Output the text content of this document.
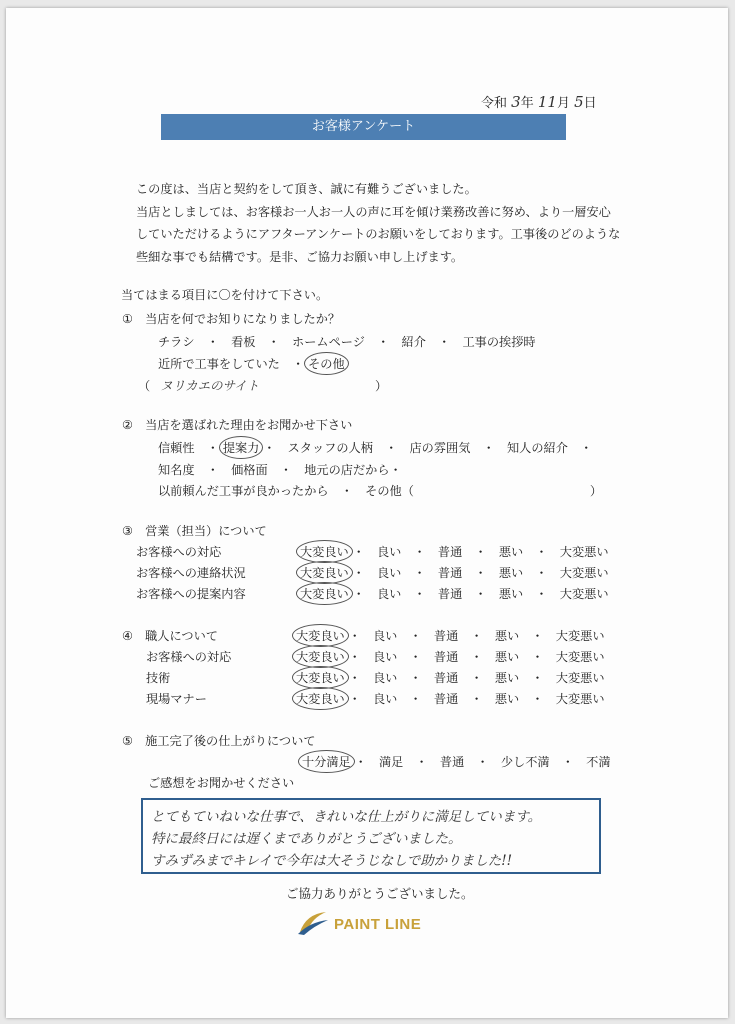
令和 3年 11月 5日
お客様アンケート

この度は、当店と契約をして頂き、誠に有難うございました。

当店としましては、お客様お一人お一人の声に耳を傾け業務改善に努め、より一層安心

していただけるようにアフターアンケートのお願いをしております。工事後のどのような

些細な事でも結構です。是非、ご協力お願い申し上げます。

当てはまる項目に〇を付けて下さい。
①　当店を何でお知りになりましたか？
チラシ　・　看板　・　ホームページ　・　紹介　・　工事の挨拶時
近所で工事をしていた　・ その他
（ ヌリカエのサイト	）
②　当店を選ばれた理由をお聞かせ下さい
信頼性　・ 提案力 ・　スタッフの人柄　・　店の雰囲気　・　知人の紹介　・
知名度　・　価格面　・　地元の店だから・
以前頼んだ工事が良かったから　・　その他（	）
③　営業（担当）について
お客様への対応	大変良い ・　良い　・　普通　・　悪い　・　大変悪い
お客様への連絡状況	大変良い ・　良い　・　普通　・　悪い　・　大変悪い
お客様への提案内容	大変良い ・　良い　・　普通　・　悪い　・　大変悪い
④　職人について	大変良い ・　良い　・　普通　・　悪い　・　大変悪い
お客様への対応	大変良い ・　良い　・　普通　・　悪い　・　大変悪い
技術	大変良い ・　良い　・　普通　・　悪い　・　大変悪い
現場マナー	大変良い ・　良い　・　普通　・　悪い　・　大変悪い
⑤　施工完了後の仕上がりについて
十分満足 ・　満足　・　普通　・　少し不満　・　不満
ご感想をお聞かせください
とてもていねいな仕事で、きれいな仕上がりに満足しています。
特に最終日には遅くまでありがとうございました。
すみずみまでキレイで今年は大そうじなしで助かりました!!
ご協力ありがとうございました。
PAINT LINE
